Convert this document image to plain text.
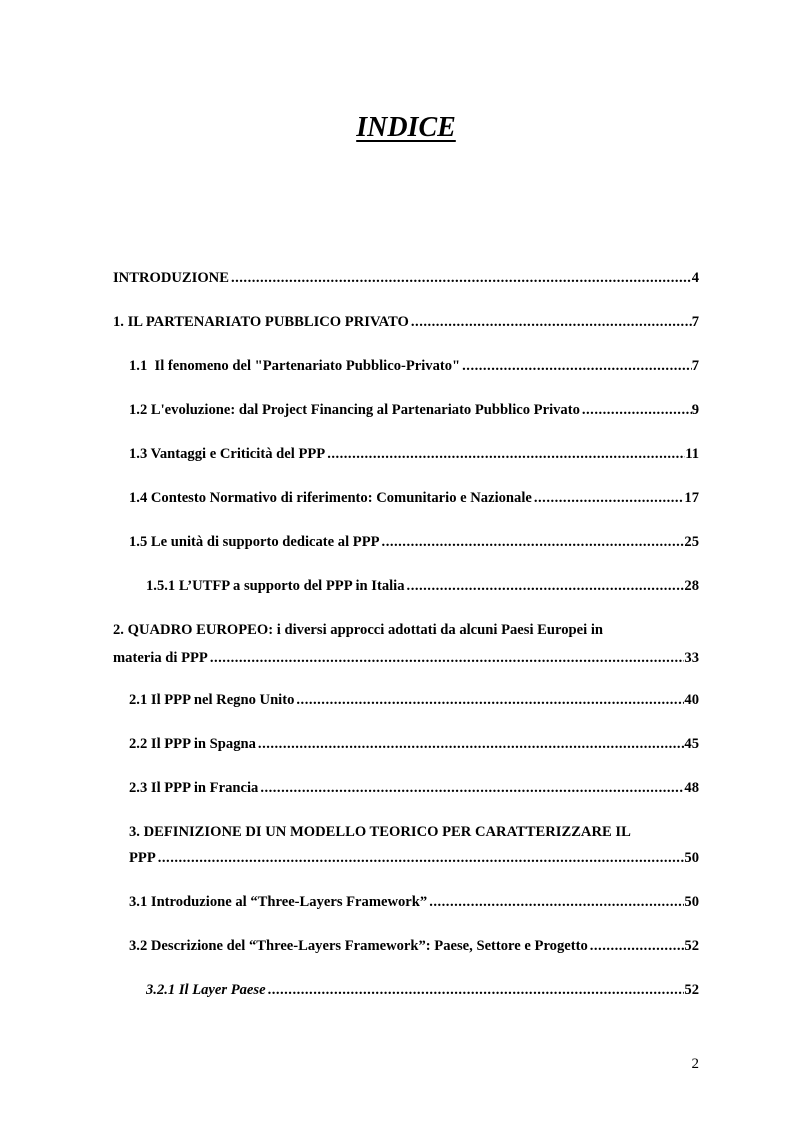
INDICE
INTRODUZIONE .....	4
1. IL PARTENARIATO PUBBLICO PRIVATO .....	7
1.1  Il fenomeno del "Partenariato Pubblico-Privato" .....	7
1.2 L'evoluzione: dal Project Financing al Partenariato Pubblico Privato .....	9
1.3 Vantaggi e Criticità del PPP .....	11
1.4 Contesto Normativo di riferimento: Comunitario e Nazionale .....	17
1.5 Le unità di supporto dedicate al PPP .....	25
1.5.1 L’UTFP a supporto del PPP in Italia .....	28
2. QUADRO EUROPEO: i diversi approcci adottati da alcuni Paesi Europei in
materia di PPP .....	33
2.1 Il PPP nel Regno Unito .....	40
2.2 Il PPP in Spagna .....	45
2.3 Il PPP in Francia .....	48
3. DEFINIZIONE DI UN MODELLO TEORICO PER CARATTERIZZARE IL
PPP .....	50
3.1 Introduzione al “Three-Layers Framework” .....	50
3.2 Descrizione del “Three-Layers Framework”: Paese, Settore e Progetto .....	52
3.2.1 Il Layer Paese .....	52
2
